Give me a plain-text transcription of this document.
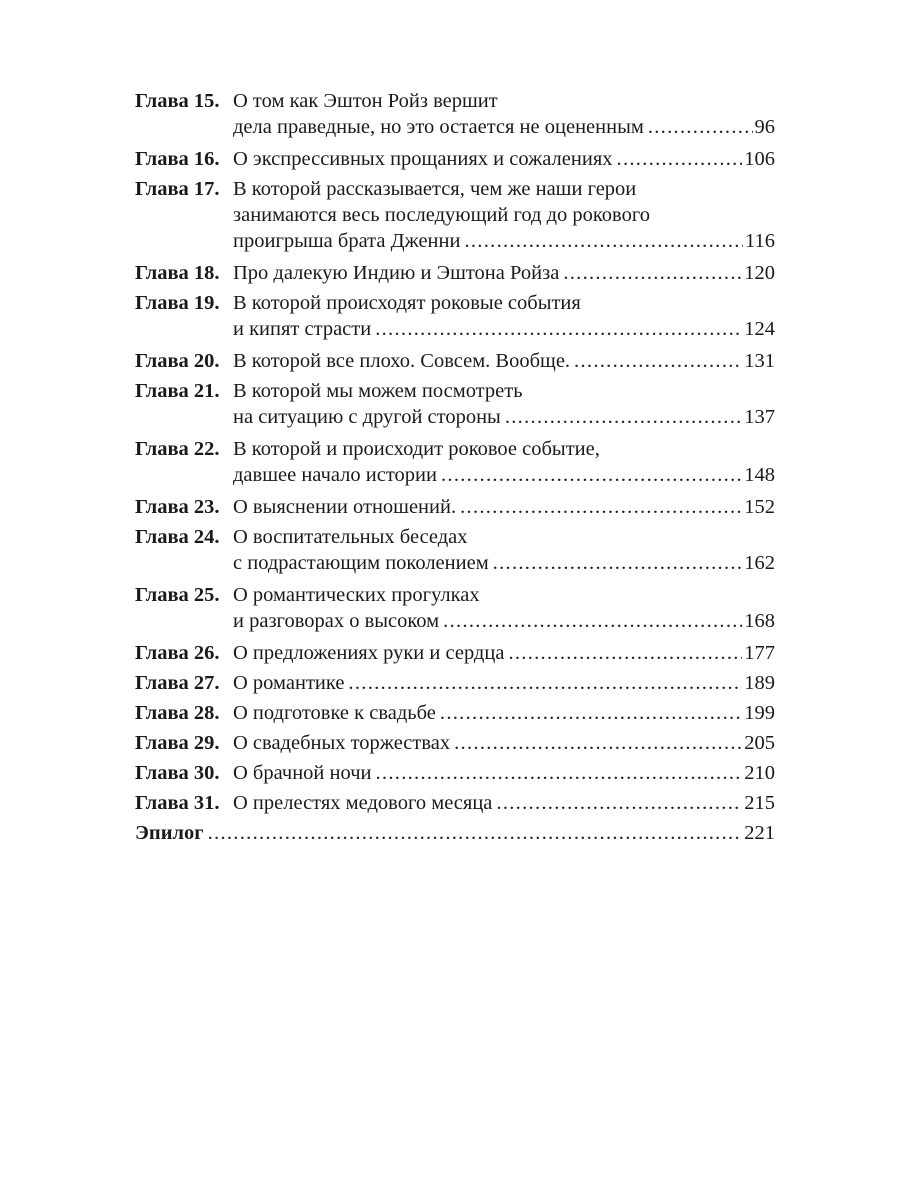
Глава 15. О том как Эштон Ройз вершит
дела праведные, но это остается не оцененным .....	96
Глава 16. О экспрессивных прощаниях и сожалениях .....	106
Глава 17. В которой рассказывается, чем же наши герои
занимаются весь последующий год до рокового
проигрыша брата Дженни .....	116
Глава 18. Про далекую Индию и Эштона Ройза .....	120
Глава 19. В которой происходят роковые события
и кипят страсти .....	124
Глава 20. В которой все плохо. Совсем. Вообще. .....	131
Глава 21. В которой мы можем посмотреть
на ситуацию с другой стороны .....	137
Глава 22. В которой и происходит роковое событие,
давшее начало истории .....	148
Глава 23. О выяснении отношений. .....	152
Глава 24. О воспитательных беседах
с подрастающим поколением .....	162
Глава 25. О романтических прогулках
и разговорах о высоком .....	168
Глава 26. О предложениях руки и сердца .....	177
Глава 27. О романтике .....	189
Глава 28. О подготовке к свадьбе .....	199
Глава 29. О свадебных торжествах .....	205
Глава 30. О брачной ночи .....	210
Глава 31. О прелестях медового месяца .....	215
Эпилог .....	221
